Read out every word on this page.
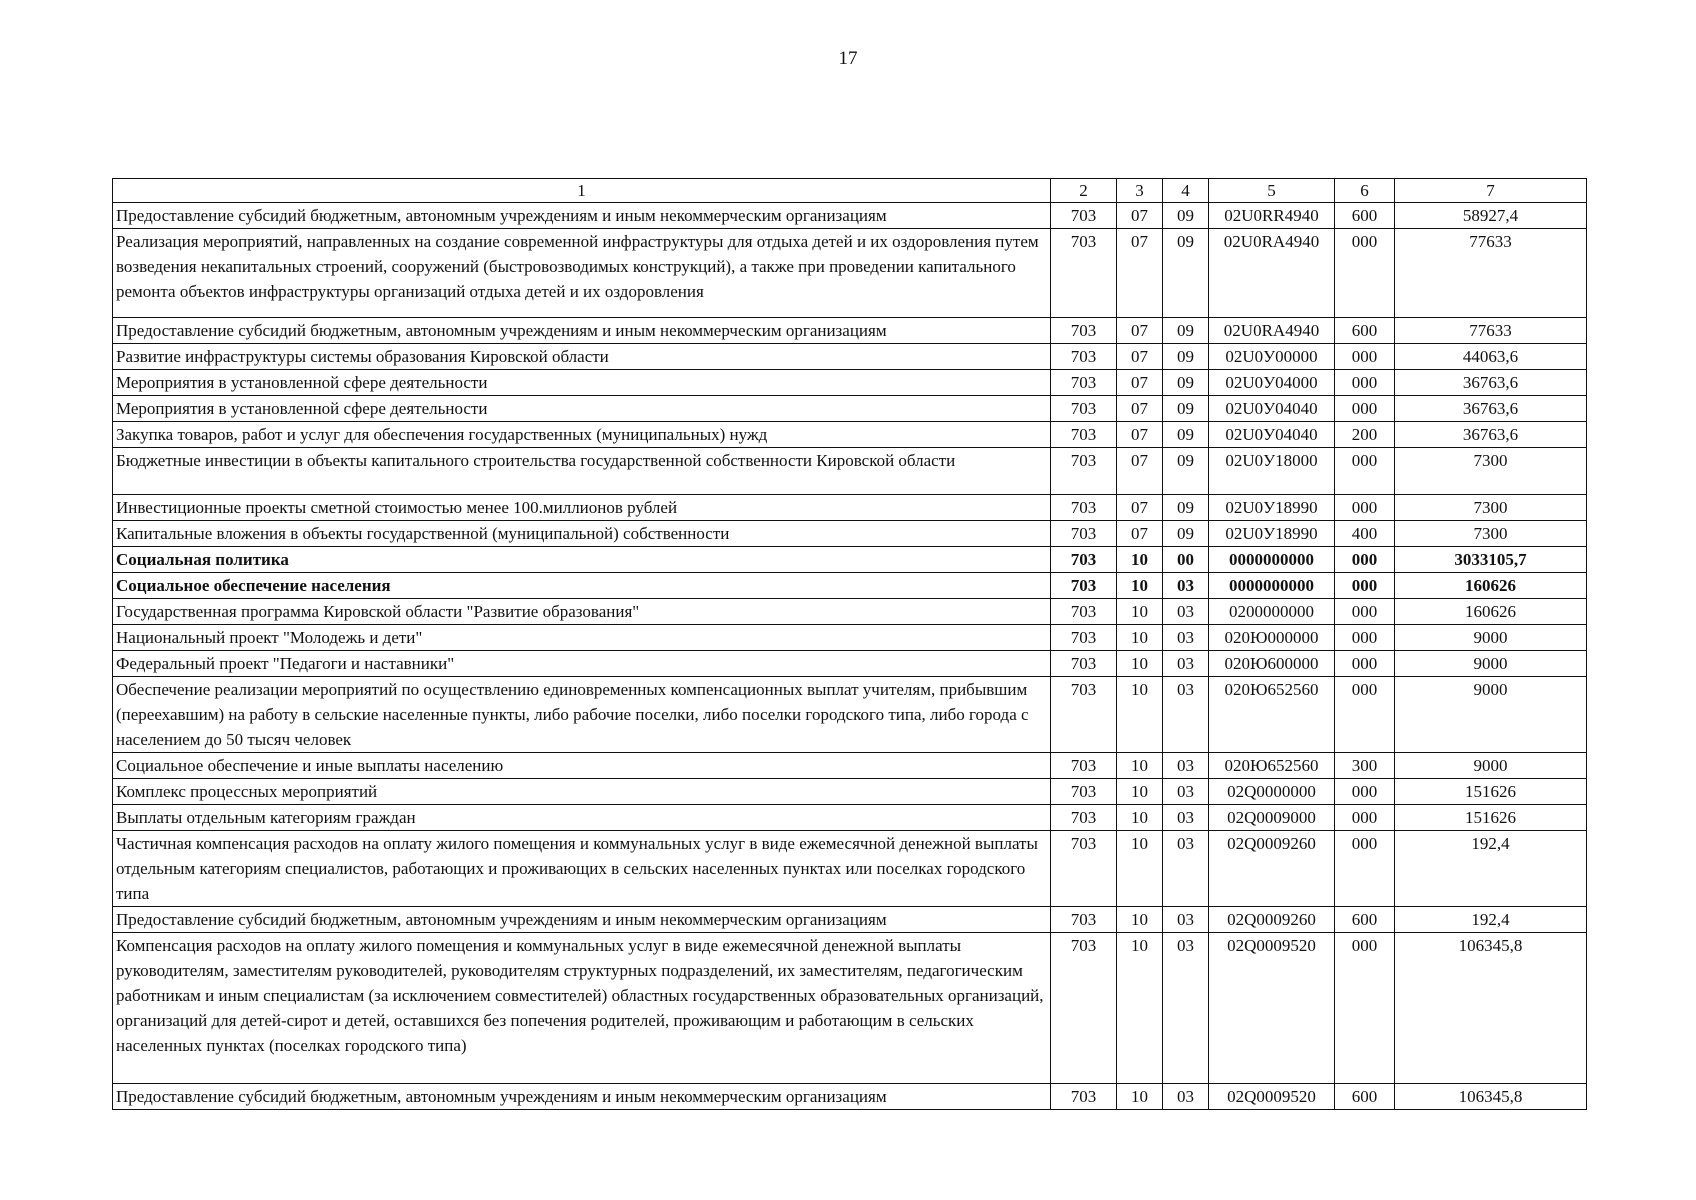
17
1	2	3	4	5	6	7
Предоставление субсидий бюджетным, автономным учреждениям и иным некоммерческим организациям	703	07	09	02U0RR4940	600	58927,4
Реализация мероприятий, направленных на создание современной инфраструктуры для отдыха детей и их оздоровления путем возведения некапитальных строений, сооружений (быстровозводимых конструкций), а также при проведении капитального ремонта объектов инфраструктуры организаций отдыха детей и их оздоровления	703	07	09	02U0RA4940	000	77633
Предоставление субсидий бюджетным, автономным учреждениям и иным некоммерческим организациям	703	07	09	02U0RA4940	600	77633
Развитие инфраструктуры системы образования Кировской области	703	07	09	02U0У00000	000	44063,6
Мероприятия в установленной сфере деятельности	703	07	09	02U0У04000	000	36763,6
Мероприятия в установленной сфере деятельности	703	07	09	02U0У04040	000	36763,6
Закупка товаров, работ и услуг для обеспечения государственных (муниципальных) нужд	703	07	09	02U0У04040	200	36763,6
Бюджетные инвестиции в объекты капитального строительства государственной собственности Кировской области	703	07	09	02U0У18000	000	7300
Инвестиционные проекты сметной стоимостью менее 100.миллионов рублей	703	07	09	02U0У18990	000	7300
Капитальные вложения в объекты государственной (муниципальной) собственности	703	07	09	02U0У18990	400	7300
Социальная политика	703	10	00	0000000000	000	3033105,7
Социальное обеспечение населения	703	10	03	0000000000	000	160626
Государственная программа Кировской области "Развитие образования"	703	10	03	0200000000	000	160626
Национальный проект "Молодежь и дети"	703	10	03	020Ю000000	000	9000
Федеральный проект "Педагоги и наставники"	703	10	03	020Ю600000	000	9000
Обеспечение реализации мероприятий по осуществлению единовременных компенсационных выплат учителям, прибывшим (переехавшим) на работу в сельские населенные пункты, либо рабочие поселки, либо поселки городского типа, либо города с населением до 50 тысяч человек	703	10	03	020Ю652560	000	9000
Социальное обеспечение и иные выплаты населению	703	10	03	020Ю652560	300	9000
Комплекс процессных мероприятий	703	10	03	02Q0000000	000	151626
Выплаты отдельным категориям граждан	703	10	03	02Q0009000	000	151626
Частичная компенсация расходов на оплату жилого помещения и коммунальных услуг в виде ежемесячной денежной выплаты отдельным категориям специалистов, работающих и проживающих в сельских населенных пунктах или поселках городского типа	703	10	03	02Q0009260	000	192,4
Предоставление субсидий бюджетным, автономным учреждениям и иным некоммерческим организациям	703	10	03	02Q0009260	600	192,4
Компенсация расходов на оплату жилого помещения и коммунальных услуг в виде ежемесячной денежной выплаты руководителям, заместителям руководителей, руководителям структурных подразделений, их заместителям, педагогическим работникам и иным специалистам (за исключением совместителей) областных государственных образовательных организаций, организаций для детей-сирот и детей, оставшихся без попечения родителей, проживающим и работающим в сельских населенных пунктах (поселках городского типа)	703	10	03	02Q0009520	000	106345,8
Предоставление субсидий бюджетным, автономным учреждениям и иным некоммерческим организациям	703	10	03	02Q0009520	600	106345,8
